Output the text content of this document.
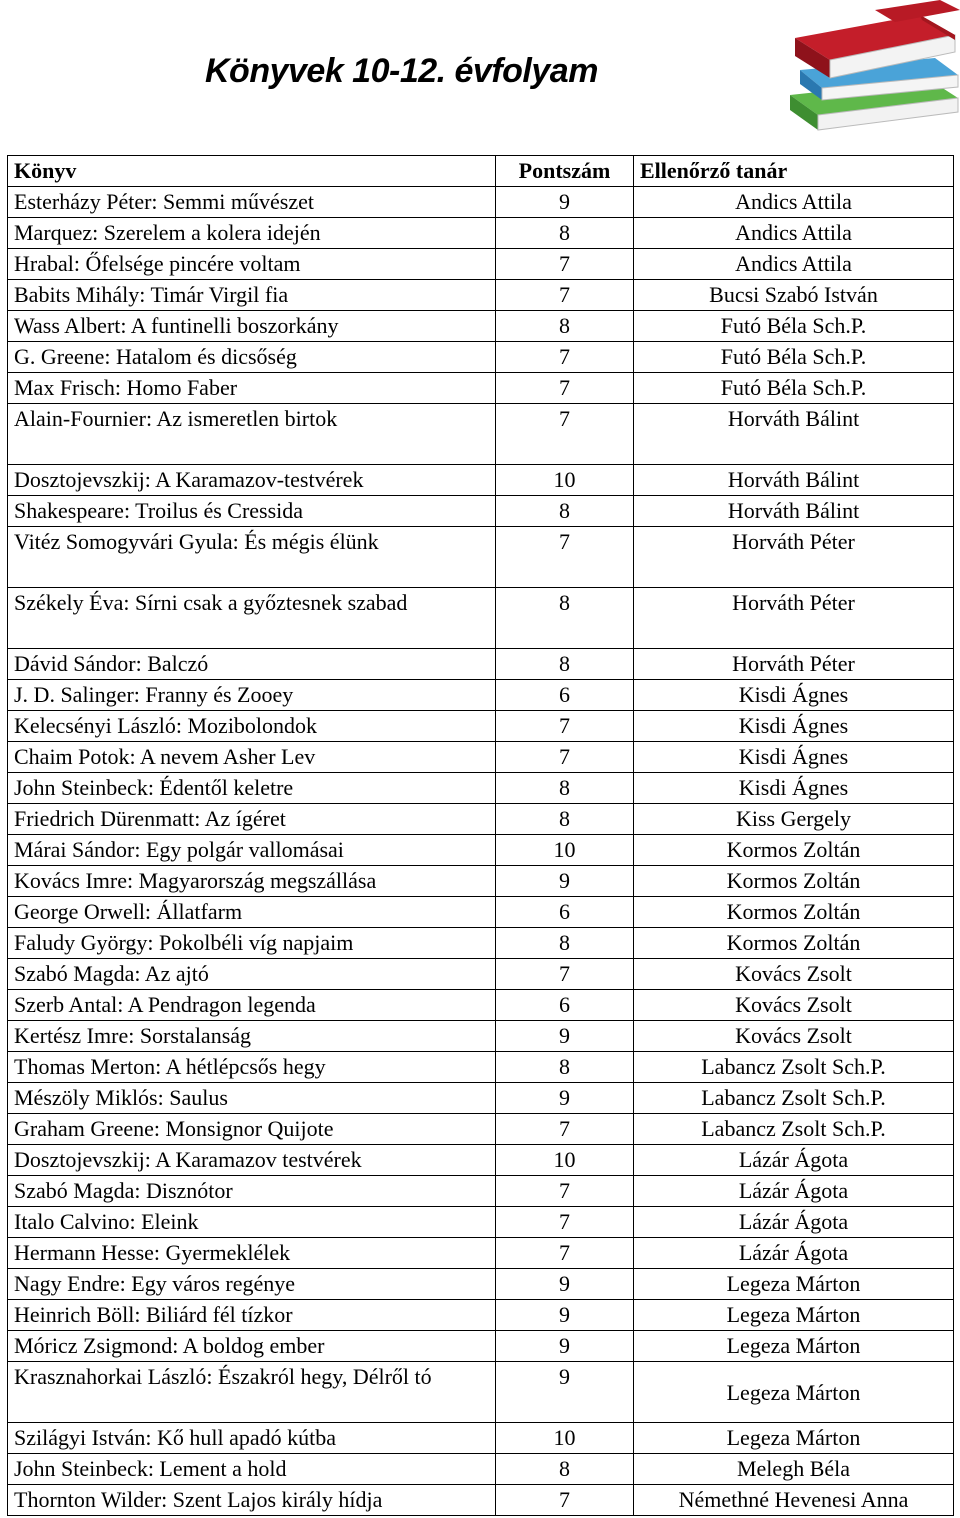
Könyvek 10-12. évfolyam
Könyv	Pontszám	Ellenőrző tanár
Esterházy Péter: Semmi művészet	9	Andics Attila
Marquez: Szerelem a kolera idején	8	Andics Attila
Hrabal: Őfelsége pincére voltam	7	Andics Attila
Babits Mihály: Timár Virgil fia	7	Bucsi Szabó István
Wass Albert: A funtinelli boszorkány	8	Futó Béla Sch.P.
G. Greene: Hatalom és dicsőség	7	Futó Béla Sch.P.
Max Frisch: Homo Faber	7	Futó Béla Sch.P.
Alain-Fournier: Az ismeretlen birtok	7	Horváth Bálint
Dosztojevszkij: A Karamazov-testvérek	10	Horváth Bálint
Shakespeare: Troilus és Cressida	8	Horváth Bálint
Vitéz Somogyvári Gyula: És mégis élünk	7	Horváth Péter
Székely Éva: Sírni csak a győztesnek szabad	8	Horváth Péter
Dávid Sándor: Balczó	8	Horváth Péter
J. D. Salinger: Franny és Zooey	6	Kisdi Ágnes
Kelecsényi László: Mozibolondok	7	Kisdi Ágnes
Chaim Potok: A nevem Asher Lev	7	Kisdi Ágnes
John Steinbeck: Édentől keletre	8	Kisdi Ágnes
Friedrich Dürenmatt: Az ígéret	8	Kiss Gergely
Márai Sándor: Egy polgár vallomásai	10	Kormos Zoltán
Kovács Imre: Magyarország megszállása	9	Kormos Zoltán
George Orwell: Állatfarm	6	Kormos Zoltán
Faludy György: Pokolbéli víg napjaim	8	Kormos Zoltán
Szabó Magda: Az ajtó	7	Kovács Zsolt
Szerb Antal: A Pendragon legenda	6	Kovács Zsolt
Kertész Imre: Sorstalanság	9	Kovács Zsolt
Thomas Merton: A hétlépcsős hegy	8	Labancz Zsolt Sch.P.
Mészöly Miklós: Saulus	9	Labancz Zsolt Sch.P.
Graham Greene: Monsignor Quijote	7	Labancz Zsolt Sch.P.
Dosztojevszkij: A Karamazov testvérek	10	Lázár Ágota
Szabó Magda: Disznótor	7	Lázár Ágota
Italo Calvino: Eleink	7	Lázár Ágota
Hermann Hesse: Gyermeklélek	7	Lázár Ágota
Nagy Endre: Egy város regénye	9	Legeza Márton
Heinrich Böll: Biliárd fél tízkor	9	Legeza Márton
Móricz Zsigmond: A boldog ember	9	Legeza Márton
Krasznahorkai László: Északról hegy, Délről tó	9	Legeza Márton
Szilágyi István: Kő hull apadó kútba	10	Legeza Márton
John Steinbeck: Lement a hold	8	Melegh Béla
Thornton Wilder: Szent Lajos király hídja	7	Némethné Hevenesi Anna
